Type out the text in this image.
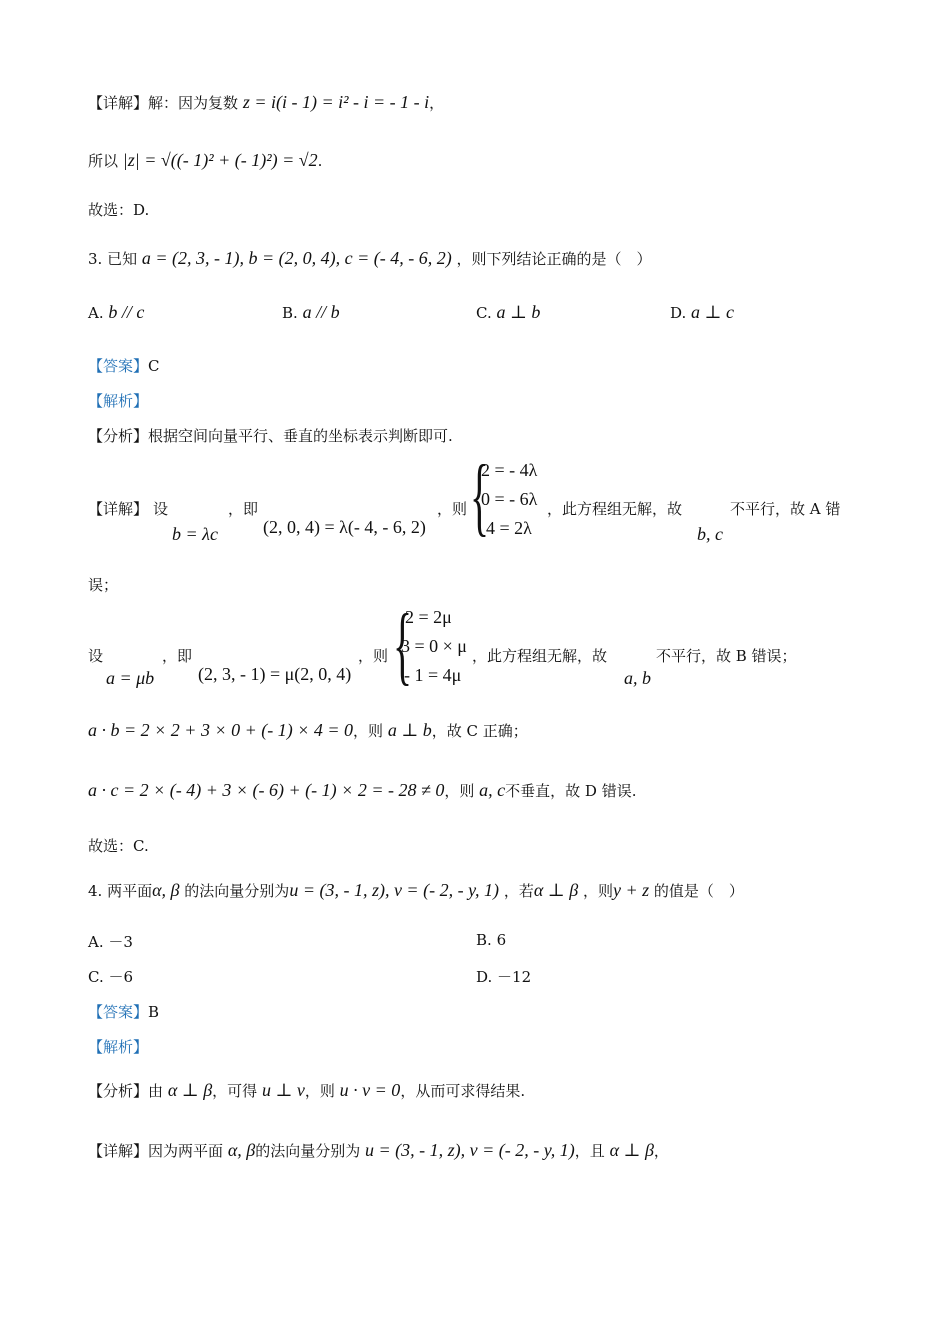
【详解】解：因为复数 z = i(i - 1) = i² - i = - 1 - i，
所以 |z| = √((- 1)² + (- 1)²) = √2.
故选：D.
3. 已知 a = (2, 3, - 1), b = (2, 0, 4), c = (- 4, - 6, 2) ，则下列结论正确的是（　）
A. b // c	B. a // b	C. a ⊥ b	D. a ⊥ c
【答案】C
【解析】
【分析】根据空间向量平行、垂直的坐标表示判断即可.
【详解】 设
b = λc
，即
(2, 0, 4) = λ(- 4, - 6, 2)
，则 {
2 = - 4λ
0 = - 6λ
4 = 2λ
，此方程组无解，故
b, c
不平行，故 A 错
误；
设
a = μb
，即
(2, 3, - 1) = μ(2, 0, 4)
，则 {
2 = 2μ
3 = 0 × μ
- 1 = 4μ
，此方程组无解，故
a, b
不平行，故 B 错误；
a · b = 2 × 2 + 3 × 0 + (- 1) × 4 = 0，则 a ⊥ b，故 C 正确；
a · c = 2 × (- 4) + 3 × (- 6) + (- 1) × 2 = - 28 ≠ 0，则 a, c不垂直，故 D 错误.
故选：C.
4. 两平面α, β 的法向量分别为u = (3, - 1, z), v = (- 2, - y, 1) ，若α ⊥ β ，则y + z 的值是（　）
A. －3	B. 6
C. －6	D. －12
【答案】B
【解析】
【分析】由 α ⊥ β，可得 u ⊥ v，则 u · v = 0，从而可求得结果.
【详解】因为两平面 α, β的法向量分别为 u = (3, - 1, z), v = (- 2, - y, 1)，且 α ⊥ β，
